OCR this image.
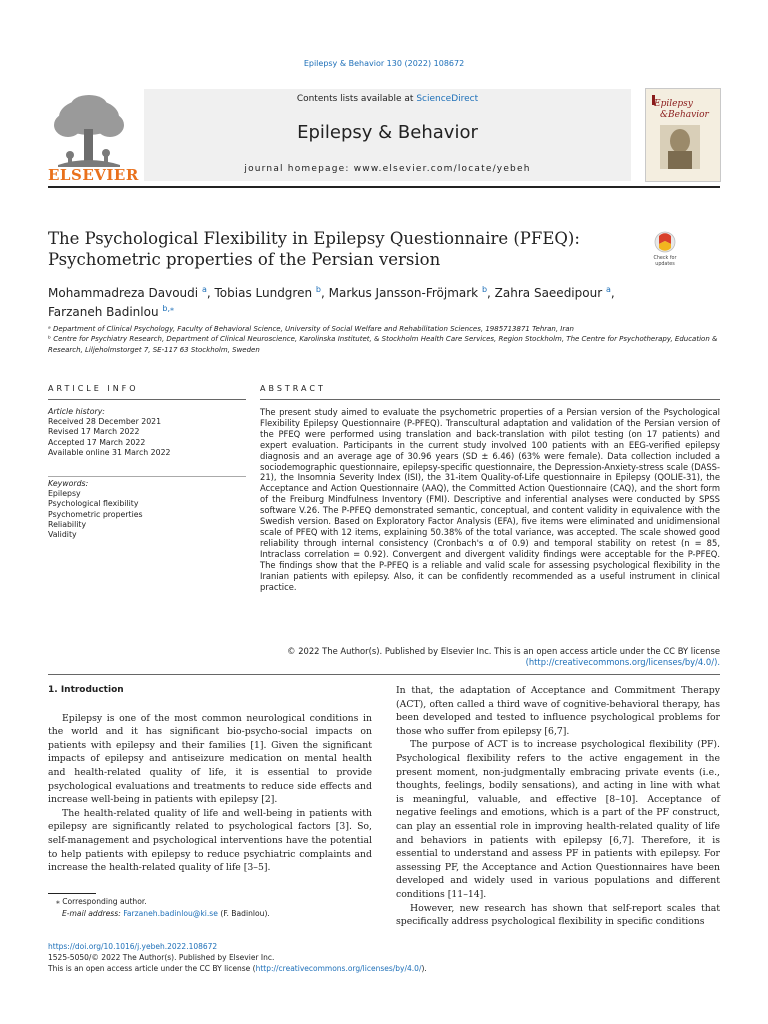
Epilepsy & Behavior 130 (2022) 108672
ELSEVIER
Contents lists available at ScienceDirect
Epilepsy & Behavior
journal homepage: www.elsevier.com/locate/yebeh
Epilepsy
&Behavior
The Psychological Flexibility in Epilepsy Questionnaire (PFEQ):
Psychometric properties of the Persian version	Check for
updates
Mohammadreza Davoudi $^a$, Tobias Lundgren $^b$, Markus Jansson-Fröjmark $^b$, Zahra Saeedipour $^a$,
Farzaneh Badinlou $^{b,⁎}$
ᵃ Department of Clinical Psychology, Faculty of Behavioral Science, University of Social Welfare and Rehabilitation Sciences, 1985713871 Tehran, Iran
ᵇ Centre for Psychiatry Research, Department of Clinical Neuroscience, Karolinska Institutet, & Stockholm Health Care Services, Region Stockholm, The Centre for Psychotherapy, Education & Research, Liljeholmstorget 7, SE-117 63 Stockholm, Sweden
ARTICLE INFO
Article history:
Received 28 December 2021
Revised 17 March 2022
Accepted 17 March 2022
Available online 31 March 2022
Keywords:
Epilepsy
Psychological flexibility
Psychometric properties
Reliability
Validity
ABSTRACT
The present study aimed to evaluate the psychometric properties of a Persian version of the Psychological Flexibility Epilepsy Questionnaire (P-PFEQ). Transcultural adaptation and validation of the Persian version of the PFEQ were performed using translation and back-translation with pilot testing (on 17 patients) and expert evaluation. Participants in the current study involved 100 patients with an EEG-verified epilepsy diagnosis and an average age of 30.96 years (SD ± 6.46) (63% were female). Data collection included a sociodemographic questionnaire, epilepsy-specific questionnaire, the Depression-Anxiety-stress scale (DASS-21), the Insomnia Severity Index (ISI), the 31-item Quality-of-Life questionnaire in Epilepsy (QOLIE-31), the Acceptance and Action Questionnaire (AAQ), the Committed Action Questionnaire (CAQ), and the short form of the Freiburg Mindfulness Inventory (FMI). Descriptive and inferential analyses were conducted by SPSS software V.26. The P-PFEQ demonstrated semantic, conceptual, and content validity in equivalence with the Swedish version. Based on Exploratory Factor Analysis (EFA), five items were eliminated and unidimensional scale of PFEQ with 12 items, explaining 50.38% of the total variance, was accepted. The scale showed good reliability through internal consistency (Cronbach's α of 0.9) and temporal stability on retest (n = 85, Intraclass correlation = 0.92). Convergent and divergent validity findings were acceptable for the P-PFEQ. The findings show that the P-PFEQ is a reliable and valid scale for assessing psychological flexibility in the Iranian patients with epilepsy. Also, it can be confidently recommended as a useful instrument in clinical practice.
© 2022 The Author(s). Published by Elsevier Inc. This is an open access article under the CC BY license
(http://creativecommons.org/licenses/by/4.0/).
1. Introduction

Epilepsy is one of the most common neurological conditions in the world and it has significant bio-psycho-social impacts on patients with epilepsy and their families [1]. Given the significant impacts of epilepsy and antiseizure medication on mental health and health-related quality of life, it is essential to provide psychological evaluations and treatments to reduce side effects and increase well-being in patients with epilepsy [2].

The health-related quality of life and well-being in patients with epilepsy are significantly related to psychological factors [3]. So, self-management and psychological interventions have the potential to help patients with epilepsy to reduce psychiatric complaints and increase the health-related quality of life [3–5].

⁎ Corresponding author.
E-mail address: Farzaneh.badinlou@ki.se (F. Badinlou).

In that, the adaptation of Acceptance and Commitment Therapy (ACT), often called a third wave of cognitive-behavioral therapy, has been developed and tested to influence psychological problems for those who suffer from epilepsy [6,7].

The purpose of ACT is to increase psychological flexibility (PF). Psychological flexibility refers to the active engagement in the present moment, non-judgmentally embracing private events (i.e., thoughts, feelings, bodily sensations), and acting in line with what is meaningful, valuable, and effective [8–10]. Acceptance of negative feelings and emotions, which is a part of the PF construct, can play an essential role in improving health-related quality of life and behaviors in patients with epilepsy [6,7]. Therefore, it is essential to understand and assess PF in patients with epilepsy. For assessing PF, the Acceptance and Action Questionnaires have been developed and widely used in various populations and different conditions [11–14].

However, new research has shown that self-report scales that specifically address psychological flexibility in specific conditions

https://doi.org/10.1016/j.yebeh.2022.108672
1525-5050/© 2022 The Author(s). Published by Elsevier Inc.
This is an open access article under the CC BY license (http://creativecommons.org/licenses/by/4.0/).
